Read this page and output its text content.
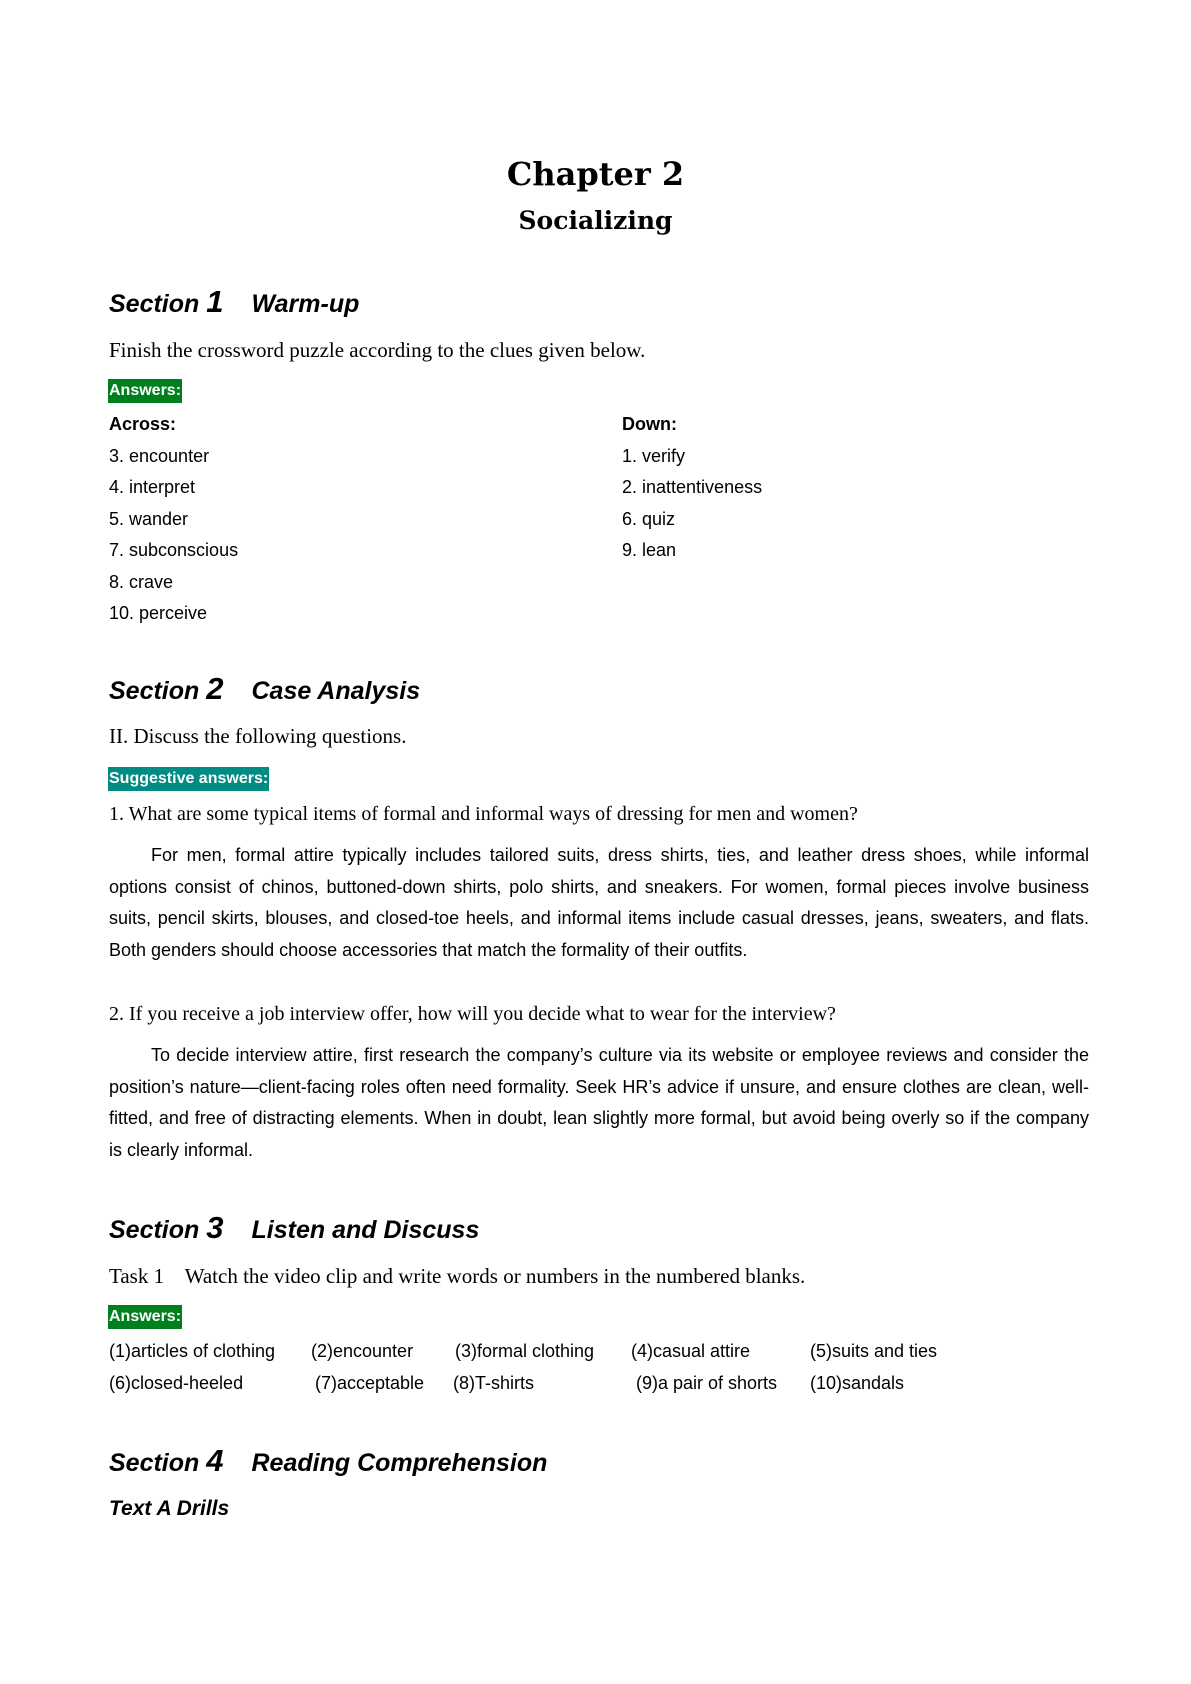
Chapter 2
Socializing
Section 1 Warm-up
Finish the crossword puzzle according to the clues given below.
Answers:
Across:
3. encounter
4. interpret
5. wander
7. subconscious
8. crave
10. perceive
Down:
1. verify
2. inattentiveness
6. quiz
9. lean
Section 2 Case Analysis
II. Discuss the following questions.
Suggestive answers:
1. What are some typical items of formal and informal ways of dressing for men and women?
For men, formal attire typically includes tailored suits, dress shirts, ties, and leather dress shoes, while informal options consist of chinos, buttoned-down shirts, polo shirts, and sneakers. For women, formal pieces involve business suits, pencil skirts, blouses, and closed-toe heels, and informal items include casual dresses, jeans, sweaters, and flats. Both genders should choose accessories that match the formality of their outfits.
2. If you receive a job interview offer, how will you decide what to wear for the interview?
To decide interview attire, first research the company’s culture via its website or employee reviews and consider the position’s nature—client-facing roles often need formality. Seek HR’s advice if unsure, and ensure clothes are clean, well-fitted, and free of distracting elements. When in doubt, lean slightly more formal, but avoid being overly so if the company is clearly informal.
Section 3 Listen and Discuss
Task 1    Watch the video clip and write words or numbers in the numbered blanks.
Answers:
(1)articles of clothing (2)encounter (3)formal clothing (4)casual attire	(5)suits and ties
(6)closed-heeled	(7)acceptable (8)T-shirts	(9)a pair of shorts (10)sandals
Section 4 Reading Comprehension
Text A Drills
